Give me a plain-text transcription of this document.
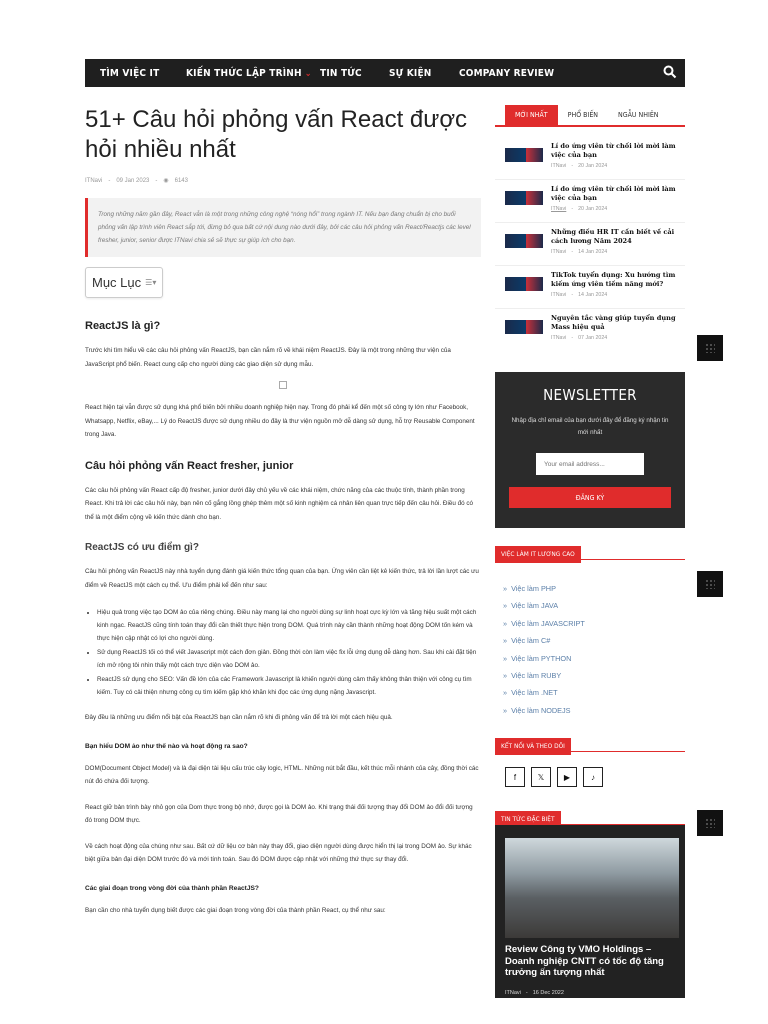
TÌM VIỆC IT	KIẾN THỨC LẬP TRÌNH ⌄ TIN TỨC	SỰ KIỆN	COMPANY REVIEW
51+ Câu hỏi phỏng vấn React được hỏi nhiều nhất
ITNavi - 09 Jan 2023 - ◉ 6143
Trong những năm gần đây, React vẫn là một trong những công nghệ “nóng hổi” trong ngành IT. Nếu bạn đang chuẩn bị cho buổi phỏng vấn lập trình viên React sắp tới, đừng bỏ qua bất cứ nội dung nào dưới đây, bởi các câu hỏi phỏng vấn React/Reactjs các level fresher, junior, senior được ITNavi chia sẻ sẽ thực sự giúp ích cho bạn.
Mục Lục ☰▾
ReactJS là gì?

Trước khi tìm hiểu về các câu hỏi phỏng vấn ReactJS, bạn cần nắm rõ về khái niệm ReactJS. Đây là một trong những thư viện của JavaScript phổ biến. React cung cấp cho người dùng các giao diện sử dụng mẫu.

React hiện tại vẫn được sử dụng khá phổ biến bởi nhiều doanh nghiệp hiện nay. Trong đó phải kể đến một số công ty lớn như Facebook, Whatsapp, Netflix, eBay,... Lý do ReactJS được sử dụng nhiều do đây là thư viện nguồn mở dễ dàng sử dụng, hỗ trợ Reusable Component trong Java.

Câu hỏi phỏng vấn React fresher, junior

Các câu hỏi phỏng vấn React cấp độ fresher, junior dưới đây chủ yếu về các khái niệm, chức năng của các thuộc tính, thành phần trong React. Khi trả lời các câu hỏi này, bạn nên cố gắng lồng ghép thêm một số kinh nghiệm cá nhân liên quan trực tiếp đến câu hỏi. Điều đó có thể là một điểm cộng về kiến thức dành cho bạn.

ReactJS có ưu điểm gì?

Câu hỏi phỏng vấn ReactJS này nhà tuyển dụng đánh giá kiến thức tổng quan của bạn. Ứng viên cần liệt kê kiến thức, trả lời lần lượt các ưu điểm về ReactJS một cách cụ thể. Ưu điểm phải kể đến như sau:

• Hiệu quả trong việc tạo DOM ảo của riêng chúng. Điều này mang lại cho người dùng sự linh hoạt cực kỳ lớn và tăng hiệu suất một cách kinh ngạc. ReactJS cũng tính toán thay đổi cần thiết thực hiện trong DOM. Quá trình này cần thành những hoạt động DOM tốn kém và thực hiện cập nhật có lợi cho người dùng.
• Sử dụng ReactJS tối có thể viết Javascript một cách đơn giản. Đồng thời còn làm việc fix lỗi ứng dụng dễ dàng hơn. Sau khi cài đặt tiện ích mở rộng tôi nhìn thấy một cách trực diện vào DOM ảo.
• ReactJS sử dụng cho SEO: Vấn đề lớn của các Framework Javascript là khiến người dùng cảm thấy không thân thiện với công cụ tìm kiếm. Tuy có cải thiện nhưng công cụ tìm kiếm gặp khó khăn khi đọc các ứng dụng nặng Javascript.

Đây đều là những ưu điểm nổi bật của ReactJS bạn cần nắm rõ khi đi phỏng vấn để trả lời một cách hiệu quả.

Bạn hiểu DOM ảo như thế nào và hoạt động ra sao?

DOM(Document Object Model) và là đại diện tài liệu cấu trúc cây logic, HTML. Những nút bắt đầu, kết thúc mỗi nhánh của cây, đồng thời các nút đó chứa đối tượng.

React giữ bản trình bày nhỏ gọn của Dom thực trong bộ nhớ, được gọi là DOM ảo. Khi trạng thái đối tượng thay đổi DOM ảo đổi đối tượng đó trong DOM thực.

Về cách hoạt động của chúng như sau. Bất cứ dữ liệu cơ bản này thay đổi, giao diện người dùng được hiển thị lại trong DOM ảo. Sự khác biệt giữa bản đại diện DOM trước đó và mới tính toán. Sau đó DOM được cập nhật với những thứ thực sự thay đổi.

Các giai đoạn trong vòng đời của thành phần ReactJS?

Bạn cần cho nhà tuyển dụng biết được các giai đoạn trong vòng đời của thành phần React, cụ thể như sau:

MỚI NHẤT	PHỔ BIẾN	NGẪU NHIÊN
Lí do ứng viên từ chối lời mời làm việc của bạn
ITNavi - 20 Jan 2024
Lí do ứng viên từ chối lời mời làm việc của bạn
ITNavi - 20 Jan 2024
Những điều HR IT cần biết về cải cách lương Năm 2024
ITNavi - 14 Jan 2024
TikTok tuyển dụng: Xu hướng tìm kiếm ứng viên tiềm năng mới?
ITNavi - 14 Jan 2024
Nguyên tắc vàng giúp tuyển dụng Mass hiệu quả
ITNavi - 07 Jan 2024
NEWSLETTER
Nhập địa chỉ email của bạn dưới đây để đăng ký nhận tin mới nhất
Your email address...
ĐĂNG KÝ
VIỆC LÀM IT LƯƠNG CAO
» Việc làm PHP
» Việc làm JAVA
» Việc làm JAVASCRIPT
» Việc làm C#
» Việc làm PYTHON
» Việc làm RUBY
» Việc làm .NET
» Việc làm NODEJS
KẾT NỐI VÀ THEO DÕI
f	𝕏	▶	♪
TIN TỨC ĐẶC BIỆT
Review Công ty VMO Holdings – Doanh nghiệp CNTT có tốc độ tăng trưởng ấn tượng nhất
ITNavi - 16 Dec 2022
